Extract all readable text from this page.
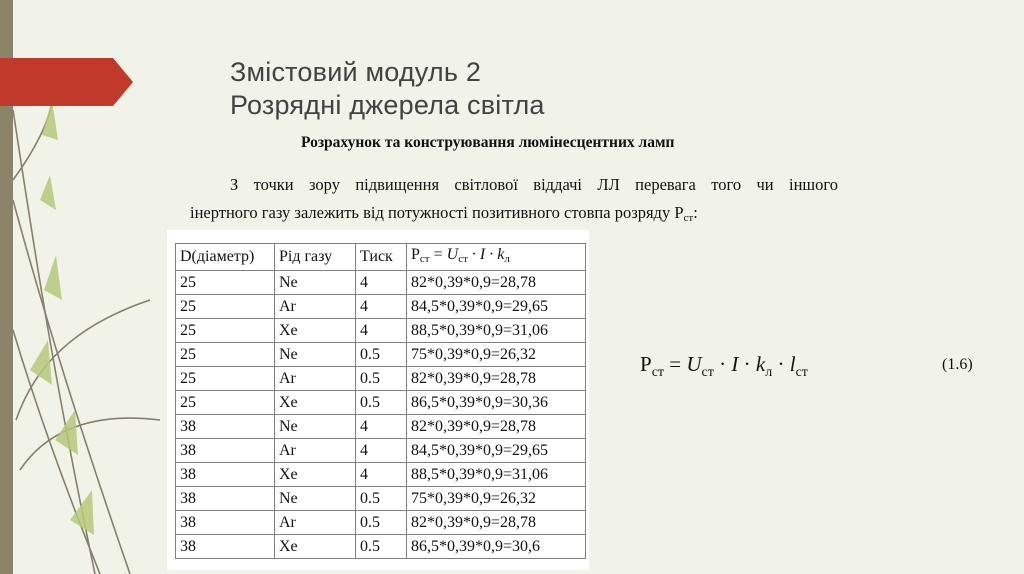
Змістовий модуль 2
Розрядні джерела світла
Розрахунок та конструювання люмінесцентних ламп
З точки зору підвищення світлової віддачі ЛЛ перевага того чи іншого
інертного газу залежить від потужності позитивного стовпа розряду $Р_{ст}$:
D(діаметр)	Рід газу	Тиск	$Р_{ст} = U_{ст} \cdot I \cdot k_л$
25	Ne	4	82*0,39*0,9=28,78
25	Ar	4	84,5*0,39*0,9=29,65
25	Xe	4	88,5*0,39*0,9=31,06
25	Ne	0.5	75*0,39*0,9=26,32
25	Ar	0.5	82*0,39*0,9=28,78
25	Xe	0.5	86,5*0,39*0,9=30,36
38	Ne	4	82*0,39*0,9=28,78
38	Ar	4	84,5*0,39*0,9=29,65
38	Xe	4	88,5*0,39*0,9=31,06
38	Ne	0.5	75*0,39*0,9=26,32
38	Ar	0.5	82*0,39*0,9=28,78
38	Xe	0.5	86,5*0,39*0,9=30,6
$Р_{ст} = U_{ст} \cdot I \cdot k_л \cdot l_{ст}$	(1.6)
